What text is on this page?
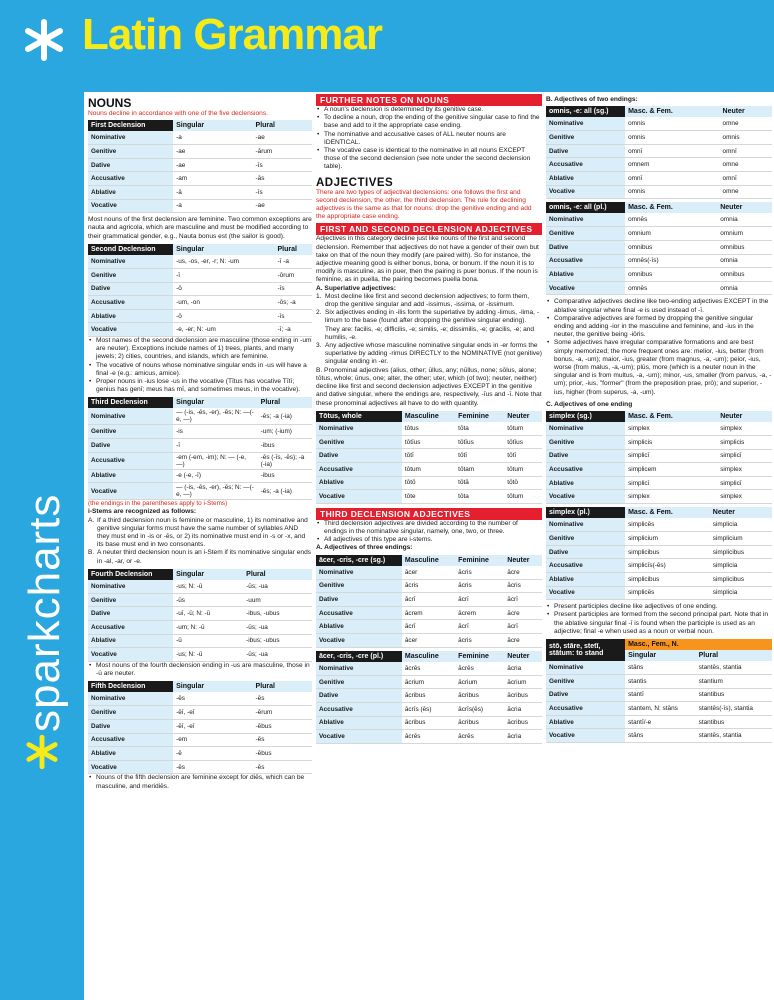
Latin Grammar
sparkcharts
NOUNS

Nouns decline in accordance with one of the five declensions.

First Declension	Singular	Plural
Nominative	-a	-ae
Genitive	-ae	-ārum
Dative	-ae	-īs
Accusative	-am	-ās
Ablative	-ā	-īs
Vocative	-a	-ae

Most nouns of the first declension are feminine. Two common exceptions are nauta and agricola, which are masculine and must be modified according to their grammatical gender, e.g., Nauta bonus est (the sailor is good).

Second Declension	Singular	Plural
Nominative	-us, -os, -er, -r; N: -um	-ī -a
Genitive	-ī	-ōrum
Dative	-ō	-īs
Accusative	-um, -on	-ōs; -a
Ablative	-ō	-īs
Vocative	-e, -er; N: -um	-ī; -a
• Most names of the second declension are masculine (those ending in -um are neuter). Exceptions include names of 1) trees, plants, and many jewels; 2) cities, countries, and islands, which are feminine.
• The vocative of nouns whose nominative singular ends in -us will have a final -e (e.g.: amicus, amice).
• Proper nouns in -ius lose -us in the vocative (Tītus has vocative Tītī; genius has genī; meus has mī, and sometimes meus, in the vocative).
Third Declension	Singular	Plural
Nominative	— (-is, -ēs, -er), -ēs; N: —(-e, —)	-ēs; -a (-ia)
Genitive	-is	-um; (-ium)
Dative	-ī	-ibus
Accusative	-em (-em, -im); N: — (-e, —)	-ēs (-īs, -ēs); -a (-ia)
Ablative	-e (-e, -ī)	-ibus
Vocative	— (-is, -ēs, -er), -ēs; N: —(-e, —)	-ēs; -a (-ia)

(the endings in the parentheses apply to i-Stems)

i-Stems are recognized as follows:

A. If a third declension noun is feminine or masculine, 1) its nominative and genitive singular forms must have the same number of syllables AND they must end in -is or -ēs, or 2) its nominative must end in -s or -x, and its base must end in two consonants.
B. A neuter third declension noun is an i-Stem if its nominative singular ends in -al, -ar, or -e.
Fourth Declension	Singular	Plural
Nominative	-us; N: -ū	-ūs; -ua
Genitive	-ūs	-uum
Dative	-uī, -ū; N: -ū	-ibus, -ubus
Accusative	-um; N: -ū	-ūs; -ua
Ablative	-ū	-ibus; -ubus
Vocative	-us; N: -ū	-ūs; -ua
• Most nouns of the fourth declension ending in -us are masculine, those in -ū are neuter.
Fifth Declension	Singular	Plural
Nominative	-ēs	-ēs
Genitive	-ēī, -eī	-ērum
Dative	-ēī, -eī	-ēbus
Accusative	-em	-ēs
Ablative	-ē	-ēbus
Vocative	-ēs	-ēs
• Nouns of the fifth declension are feminine except for diēs, which can be masculine, and meridiēs.
FURTHER NOTES ON NOUNS
• A noun's declension is determined by its genitive case.
• To decline a noun, drop the ending of the genitive singular case to find the base and add to it the appropriate case ending.
• The nominative and accusative cases of ALL neuter nouns are IDENTICAL.
• The vocative case is identical to the nominative in all nouns EXCEPT those of the second declension (see note under the second declension table).
ADJECTIVES

There are two types of adjectival declensions: one follows the first and second declension, the other, the third declension. The rule for declining adjectives is the same as that for nouns: drop the genitive ending and add the appropriate case ending.

FIRST AND SECOND DECLENSION ADJECTIVES

Adjectives in this category decline just like nouns of the first and second declension. Remember that adjectives do not have a gender of their own but take on that of the noun they modify (are paired with). So for instance, the adjective meaning good is either bonus, bona, or bonum. If the noun it is to modify is masculine, as in puer, then the pairing is puer bonus. If the noun is feminine, as in puella, the pairing becomes puella bona.

A. Superlative adjectives:

1. Most decline like first and second declension adjectives; to form them, drop the genitive singular and add -issimus, -issima, or -issimum.
2. Six adjectives ending in -ilis form the superlative by adding -limus, -lima, -limum to the base (found after dropping the genitive singular ending). They are: facilis, -e; difficilis, -e; similis, -e; dissimilis, -e; gracilis, -e; and humilis, -e.
3. Any adjective whose masculine nominative singular ends in -er forms the superlative by adding -rimus DIRECTLY to the NOMINATIVE (not genitive) singular ending in -er.

B. Pronominal adjectives (alius, other; ūllus, any; nūllus, none; sōlus, alone; tōtus, whole; ūnus, one; alter, the other; uter, which (of two); neuter, neither) decline like first and second declension adjectives EXCEPT in the genitive and dative singular, where the endings are, respectively, -īus and -ī. Note that these pronominal adjectives all have to do with quantity.

Tōtus, whole	Masculine	Feminine	Neuter
Nominative	tōtus	tōta	tōtum
Genitive	tōtīus	tōtīus	tōtīus
Dative	tōtī	tōtī	tōtī
Accusative	tōtum	tōtam	tōtum
Ablative	tōtō	tōtā	tōtō
Vocative	tōte	tōta	tōtum
THIRD DECLENSION ADJECTIVES
• Third declension adjectives are divided according to the number of endings in the nominative singular, namely, one, two, or three.
• All adjectives of this type are i-stems.

A. Adjectives of three endings:

ācer, -cris, -cre (sg.)	Masculine	Feminine	Neuter
Nominative	ācer	ācris	ācre
Genitive	ācris	ācris	ācris
Dative	ācrī	ācrī	ācrī
Accusative	ācrem	ācrem	ācre
Ablative	ācrī	ācrī	ācrī
Vocative	ācer	ācris	ācre
ācer, -cris, -cre (pl.)	Masculine	Feminine	Neuter
Nominative	ācrēs	ācrēs	ācria
Genitive	ācrium	ācrium	ācrium
Dative	ācribus	ācribus	ācribus
Accusative	ācrīs (ēs)	ācrīs(ēs)	ācria
Ablative	ācribus	ācribus	ācribus
Vocative	ācrēs	ācrēs	ācria

B. Adjectives of two endings:

omnis, -e: all (sg.)	Masc. & Fem.	Neuter
Nominative	omnis	omne
Genitive	omnis	omnis
Dative	omnī	omnī
Accusative	omnem	omne
Ablative	omnī	omnī
Vocative	omnis	omne
omnis, -e: all (pl.)	Masc. & Fem.	Neuter
Nominative	omnēs	omnia
Genitive	omnium	omnium
Dative	omnibus	omnibus
Accusative	omnēs(-īs)	omnia
Ablative	omnibus	omnibus
Vocative	omnēs	omnia
• Comparative adjectives decline like two-ending adjectives EXCEPT in the ablative singular where final -e is used instead of -ī.
• Comparative adjectives are formed by dropping the genitive singular ending and adding -ior in the masculine and feminine, and -ius in the neuter, the genitive being -iōris.
• Some adjectives have irregular comparative formations and are best simply memorized; the more frequent ones are: melior, -ius, better (from bonus, -a, -um); maior, -ius, greater (from magnus, -a, -um); peior, -ius, worse (from malus, -a,-um); plūs, more (which is a neuter noun in the singular and is from multus, -a, -um); minor, -us, smaller (from parvus, -a, -um); prior, -ius, "former" (from the preposition prae, prō); and superior, -ius, higher (from superus, -a, -um).

C. Adjectives of one ending

simplex (sg.)	Masc. & Fem.	Neuter
Nominative	simplex	simplex
Genitive	simplicis	simplicis
Dative	simplicī	simplicī
Accusative	simplicem	simplex
Ablative	simplicī	simplicī
Vocative	simplex	simplex
simplex (pl.)	Masc. & Fem.	Neuter
Nominative	simplicēs	simplicia
Genitive	simplicium	simplicium
Dative	simplicibus	simplicibus
Accusative	simplicīs(-ēs)	simplicia
Ablative	simplicibus	simplicibus
Vocative	simplicēs	simplicia
• Present participles decline like adjectives of one ending.
• Present participles are formed from the second principal part. Note that in the ablative singular final -ī is found when the participle is used as an adjective; final -e when used as a noun or verbal noun.
stō, stāre, stetī, stātum: to stand	Masc., Fem., N.	
	Singular	Plural
Nominative	stāns	stantēs, stantia
Genitive	stantis	stantium
Dative	stantī	stantibus
Accusative	stantem, N: stāns	stantēs(-īs), stantia
Ablative	stantī/-e	stantibus
Vocative	stāns	stantēs, stantia
